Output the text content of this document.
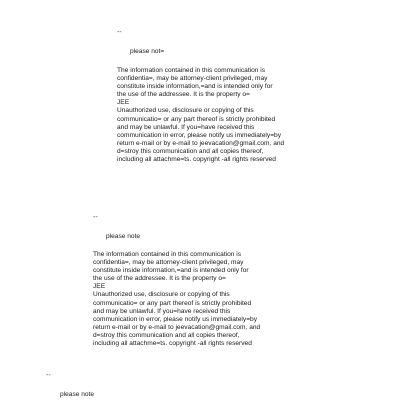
--

please not=

The information contained in this communication is
confidentia=, may be attorney-client privileged, may
constitute inside information,=and is intended only for
the use of the addressee. It is the property o=
JEE
Unauthorized use, disclosure or copying of this
communicatio= or any part thereof is strictly prohibited
and may be unlawful. If you=have received this
communication in error, please notify us immediately=by
return e-mail or by e-mail to jeevacation@gmail.com, and
d=stroy this communication and all copies thereof,
including all attachme=ts. copyright -all rights reserved

--

please note

The information contained in this communication is
confidentia=, may be attorney-client privileged, may
constitute inside information,=and is intended only for
the use of the addressee. It is the property o=
JEE
Unauthorized use, disclosure or copying of this
communicatio= or any part thereof is strictly prohibited
and may be unlawful. If you=have received this
communication in error, please notify us immediately=by
return e-mail or by e-mail to jeevacation@gmail.com, and
d=stroy this communication and all copies thereof,
including all attachme=ts. copyright -all rights reserved

--

please note
